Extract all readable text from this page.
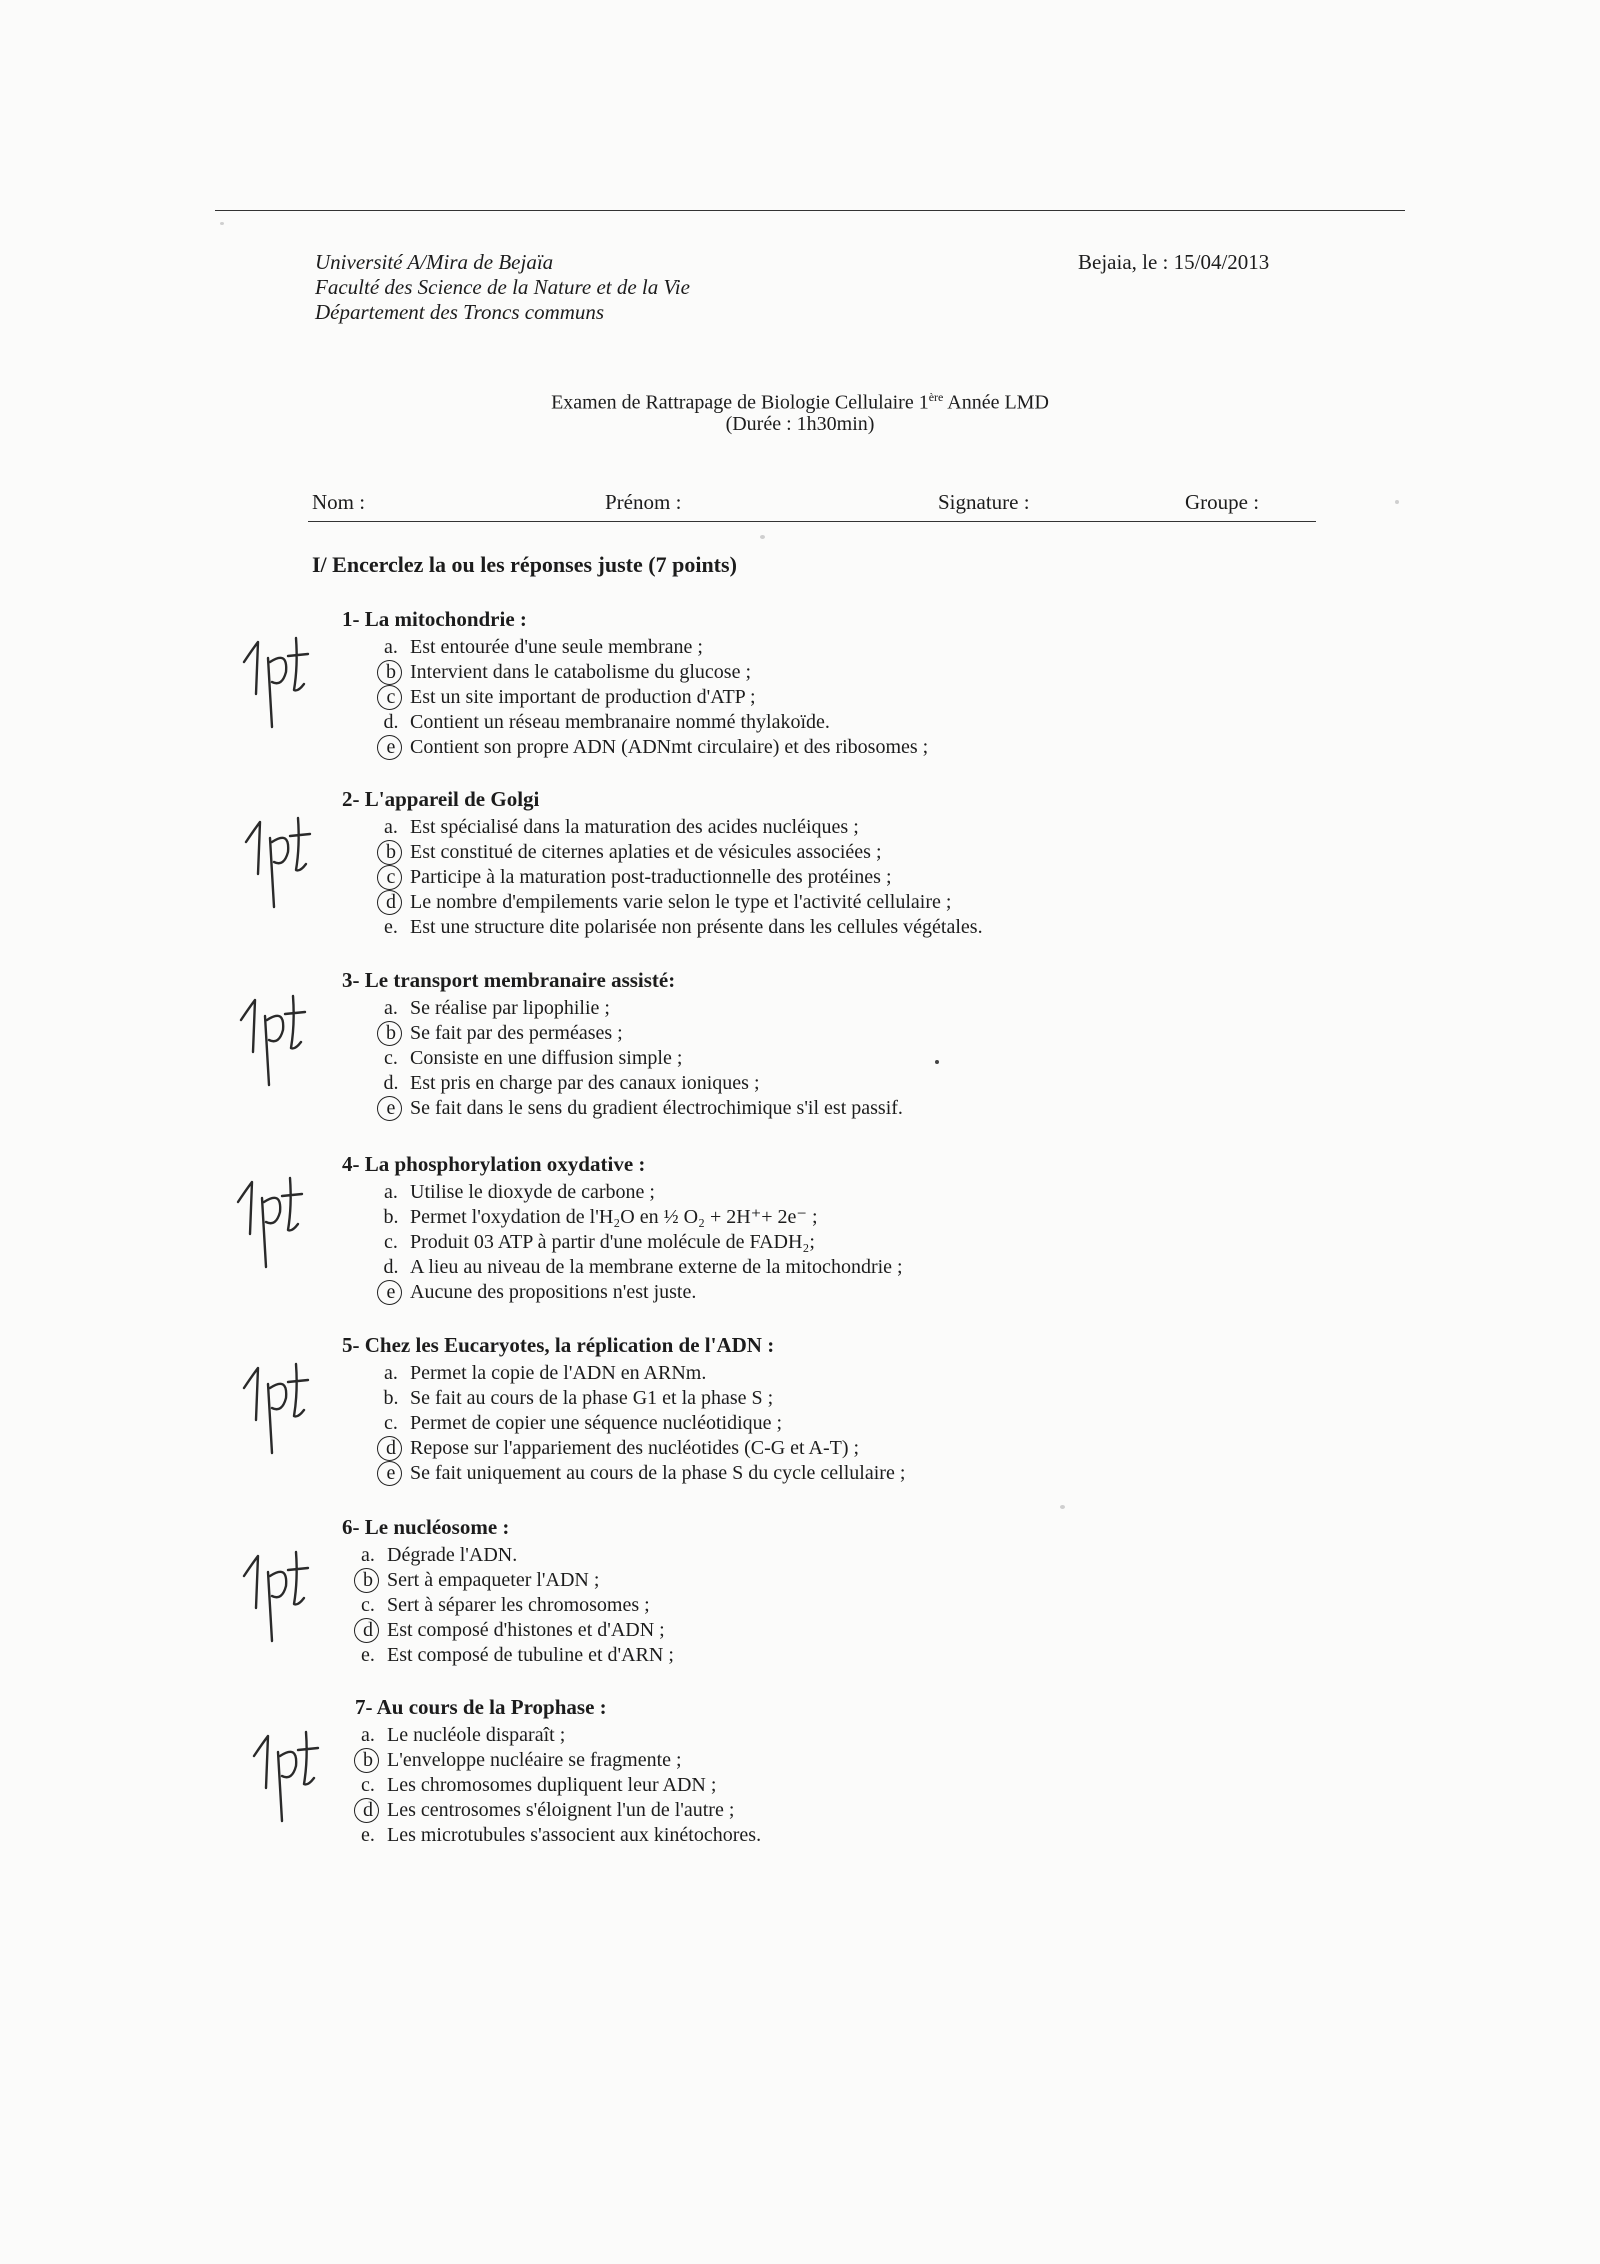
Université A/Mira de Bejaïa
Faculté des Science de la Nature et de la Vie
Département des Troncs communs
Bejaia, le : 15/04/2013
Examen de Rattrapage de Biologie Cellulaire 1ère Année LMD
(Durée : 1h30min)
Nom :	Prénom :	Signature :	Groupe :
I/ Encerclez la ou les réponses juste (7 points)
1- La mitochondrie :
a. Est entourée d'une seule membrane ;
b Intervient dans le catabolisme du glucose ;
c Est un site important de production d'ATP ;
d. Contient un réseau membranaire nommé thylakoïde.
e Contient son propre ADN (ADNmt circulaire) et des ribosomes ;
2- L'appareil de Golgi
a. Est spécialisé dans la maturation des acides nucléiques ;
b Est constitué de citernes aplaties et de vésicules associées ;
c Participe à la maturation post-traductionnelle des protéines ;
d Le nombre d'empilements varie selon le type et l'activité cellulaire ;
e. Est une structure dite polarisée non présente dans les cellules végétales.
3- Le transport membranaire assisté:
a. Se réalise par lipophilie ;
b Se fait par des perméases ;
c. Consiste en une diffusion simple ;
d. Est pris en charge par des canaux ioniques ;
e Se fait dans le sens du gradient électrochimique s'il est passif.
4- La phosphorylation oxydative :
a. Utilise le dioxyde de carbone ;
b. Permet l'oxydation de l'H₂O en ½ O₂ + 2H⁺+ 2e⁻ ;
c. Produit 03 ATP à partir d'une molécule de FADH₂;
d. A lieu au niveau de la membrane externe de la mitochondrie ;
e Aucune des propositions n'est juste.
5- Chez les Eucaryotes, la réplication de l'ADN :
a. Permet la copie de l'ADN en ARNm.
b. Se fait au cours de la phase G1 et la phase S ;
c. Permet de copier une séquence nucléotidique ;
d Repose sur l'appariement des nucléotides (C-G et A-T) ;
e Se fait uniquement au cours de la phase S du cycle cellulaire ;
6- Le nucléosome :
a. Dégrade l'ADN.
b Sert à empaqueter l'ADN ;
c. Sert à séparer les chromosomes ;
d Est composé d'histones et d'ADN ;
e. Est composé de tubuline et d'ARN ;
7- Au cours de la Prophase :
a. Le nucléole disparaît ;
b L'enveloppe nucléaire se fragmente ;
c. Les chromosomes dupliquent leur ADN ;
d Les centrosomes s'éloignent l'un de l'autre ;
e. Les microtubules s'associent aux kinétochores.
